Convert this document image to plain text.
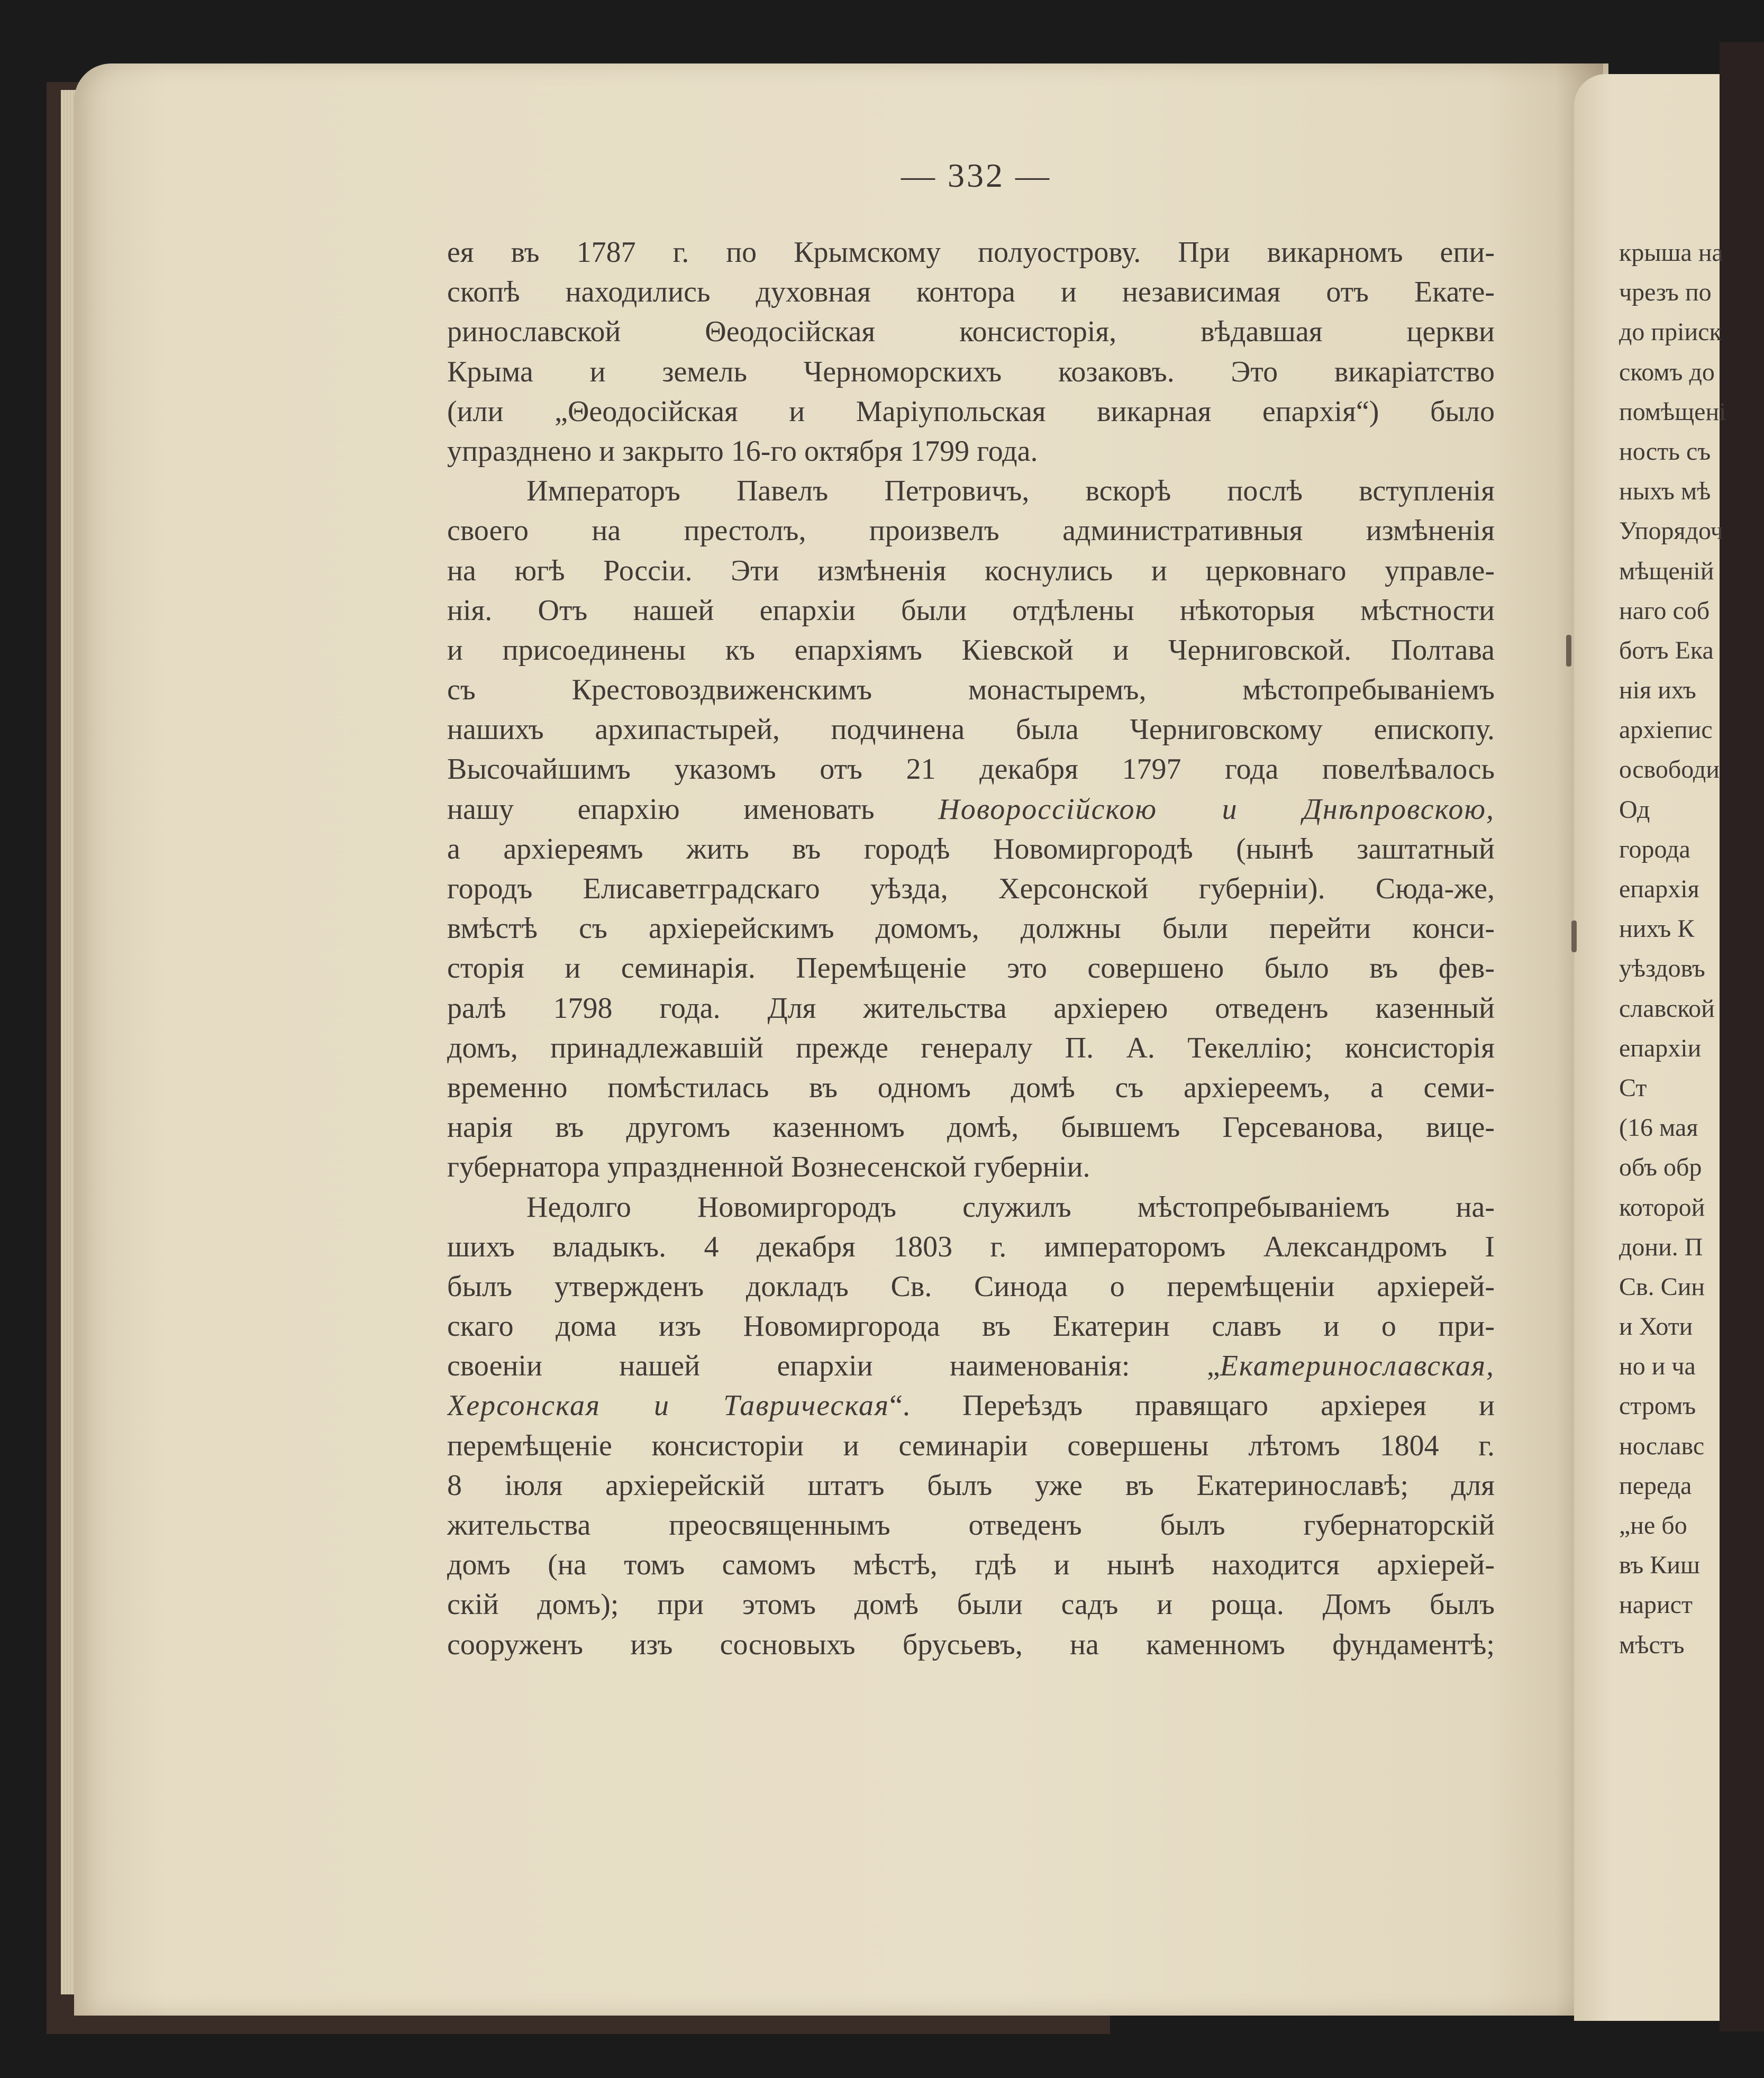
— 332 —
ея въ 1787 г. по Крымскому полуострову. При викарномъ епи-
скопѣ находились духовная контора и независимая отъ Екате-
ринославской Θеодосiйская консисторiя, вѣдавшая церкви
Крыма и земель Черноморскихъ козаковъ. Это викарiатство
(или „Θеодосiйская и Марiупольская викарная епархiя“) было
упразднено и закрыто 16-го октября 1799 года.
Императоръ Павелъ Петровичъ, вскорѣ послѣ вступленiя
своего на престолъ, произвелъ административныя измѣненiя
на югѣ Россiи. Эти измѣненiя коснулись и церковнаго управле-
нiя. Отъ нашей епархiи были отдѣлены нѣкоторыя мѣстности
и присоединены къ епархiямъ Кiевской и Черниговской. Полтава
съ Крестовоздвиженскимъ монастыремъ, мѣстопребыванiемъ
нашихъ архипастырей, подчинена была Черниговскому епископу.
Высочайшимъ указомъ отъ 21 декабря 1797 года повелѣвалось
нашу епархiю именовать Новороссiйскою и Днѣпровскою,
а архiереямъ жить въ городѣ Новомиргородѣ (нынѣ заштатный
городъ Елисаветградскаго уѣзда, Херсонской губернiи). Сюда-же,
вмѣстѣ съ архiерейскимъ домомъ, должны были перейти конси-
сторiя и семинарiя. Перемѣщенiе это совершено было въ фев-
ралѣ 1798 года. Для жительства архiерею отведенъ казенный
домъ, принадлежавшiй прежде генералу П. А. Текеллiю; консисторiя
временно помѣстилась въ одномъ домѣ съ архiереемъ, а семи-
нарiя въ другомъ казенномъ домѣ, бывшемъ Герсеванова, вице-
губернатора упраздненной Вознесенской губернiи.
Недолго Новомиргородъ служилъ мѣстопребыванiемъ на-
шихъ владыкъ. 4 декабря 1803 г. императоромъ Александромъ I
былъ утвержденъ докладъ Св. Синода о перемѣщенiи архiерей-
скаго дома изъ Новомиргорода въ Екатерин славъ и о при-
своенiи нашей епархiи наименованiя: „Екатеринославская,
Херсонская и Таврическая“. Переѣздъ правящаго архiерея и
перемѣщенiе консисторiи и семинарiи совершены лѣтомъ 1804 г.
8 iюля архiерейскiй штатъ былъ уже въ Екатеринославѣ; для
жительства преосвященнымъ отведенъ былъ губернаторскiй
домъ (на томъ самомъ мѣстѣ, гдѣ и нынѣ находится архiерей-
скiй домъ); при этомъ домѣ были садъ и роща. Домъ былъ
сооруженъ изъ сосновыхъ брусьевъ, на каменномъ фундаментѣ;
крыша на
чрезъ по
до прiиск
скомъ до
помѣщенi
ность съ
ныхъ мѣ
Упорядоч
мѣщенiй
наго соб
ботъ Ека
нiя ихъ
архiепис
освободи
Од
города
епархiя
нихъ К
уѣздовъ
славской
епархiи
Ст
(16 мая
объ обр
которой
дони. П
Св. Син
и Хоти
но и ча
стромъ
нославс
переда
„не бо
въ Киш
нарист
мѣстъ
